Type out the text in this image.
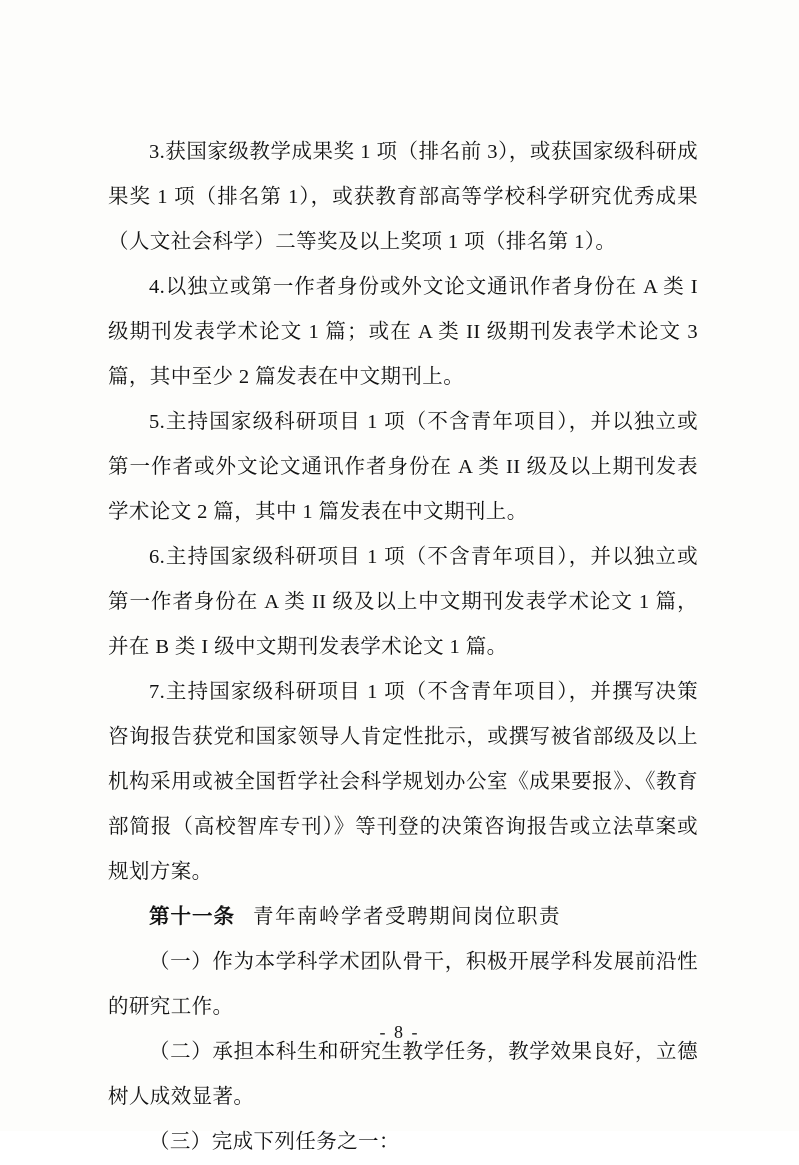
3.获国家级教学成果奖 1 项（排名前 3），或获国家级科研成果奖 1 项（排名第 1），或获教育部高等学校科学研究优秀成果（人文社会科学）二等奖及以上奖项 1 项（排名第 1）。

4.以独立或第一作者身份或外文论文通讯作者身份在 A 类 I 级期刊发表学术论文 1 篇；或在 A 类 II 级期刊发表学术论文 3 篇，其中至少 2 篇发表在中文期刊上。

5.主持国家级科研项目 1 项（不含青年项目），并以独立或第一作者或外文论文通讯作者身份在 A 类 II 级及以上期刊发表学术论文 2 篇，其中 1 篇发表在中文期刊上。

6.主持国家级科研项目 1 项（不含青年项目），并以独立或第一作者身份在 A 类 II 级及以上中文期刊发表学术论文 1 篇，并在 B 类 I 级中文期刊发表学术论文 1 篇。

7.主持国家级科研项目 1 项（不含青年项目），并撰写决策咨询报告获党和国家领导人肯定性批示，或撰写被省部级及以上机构采用或被全国哲学社会科学规划办公室《成果要报》、《教育部简报（高校智库专刊）》等刊登的决策咨询报告或立法草案或规划方案。

第十一条 青年南岭学者受聘期间岗位职责

（一）作为本学科学术团队骨干，积极开展学科发展前沿性的研究工作。

（二）承担本科生和研究生教学任务，教学效果良好，立德树人成效显著。

（三）完成下列任务之一：

- 8 -
